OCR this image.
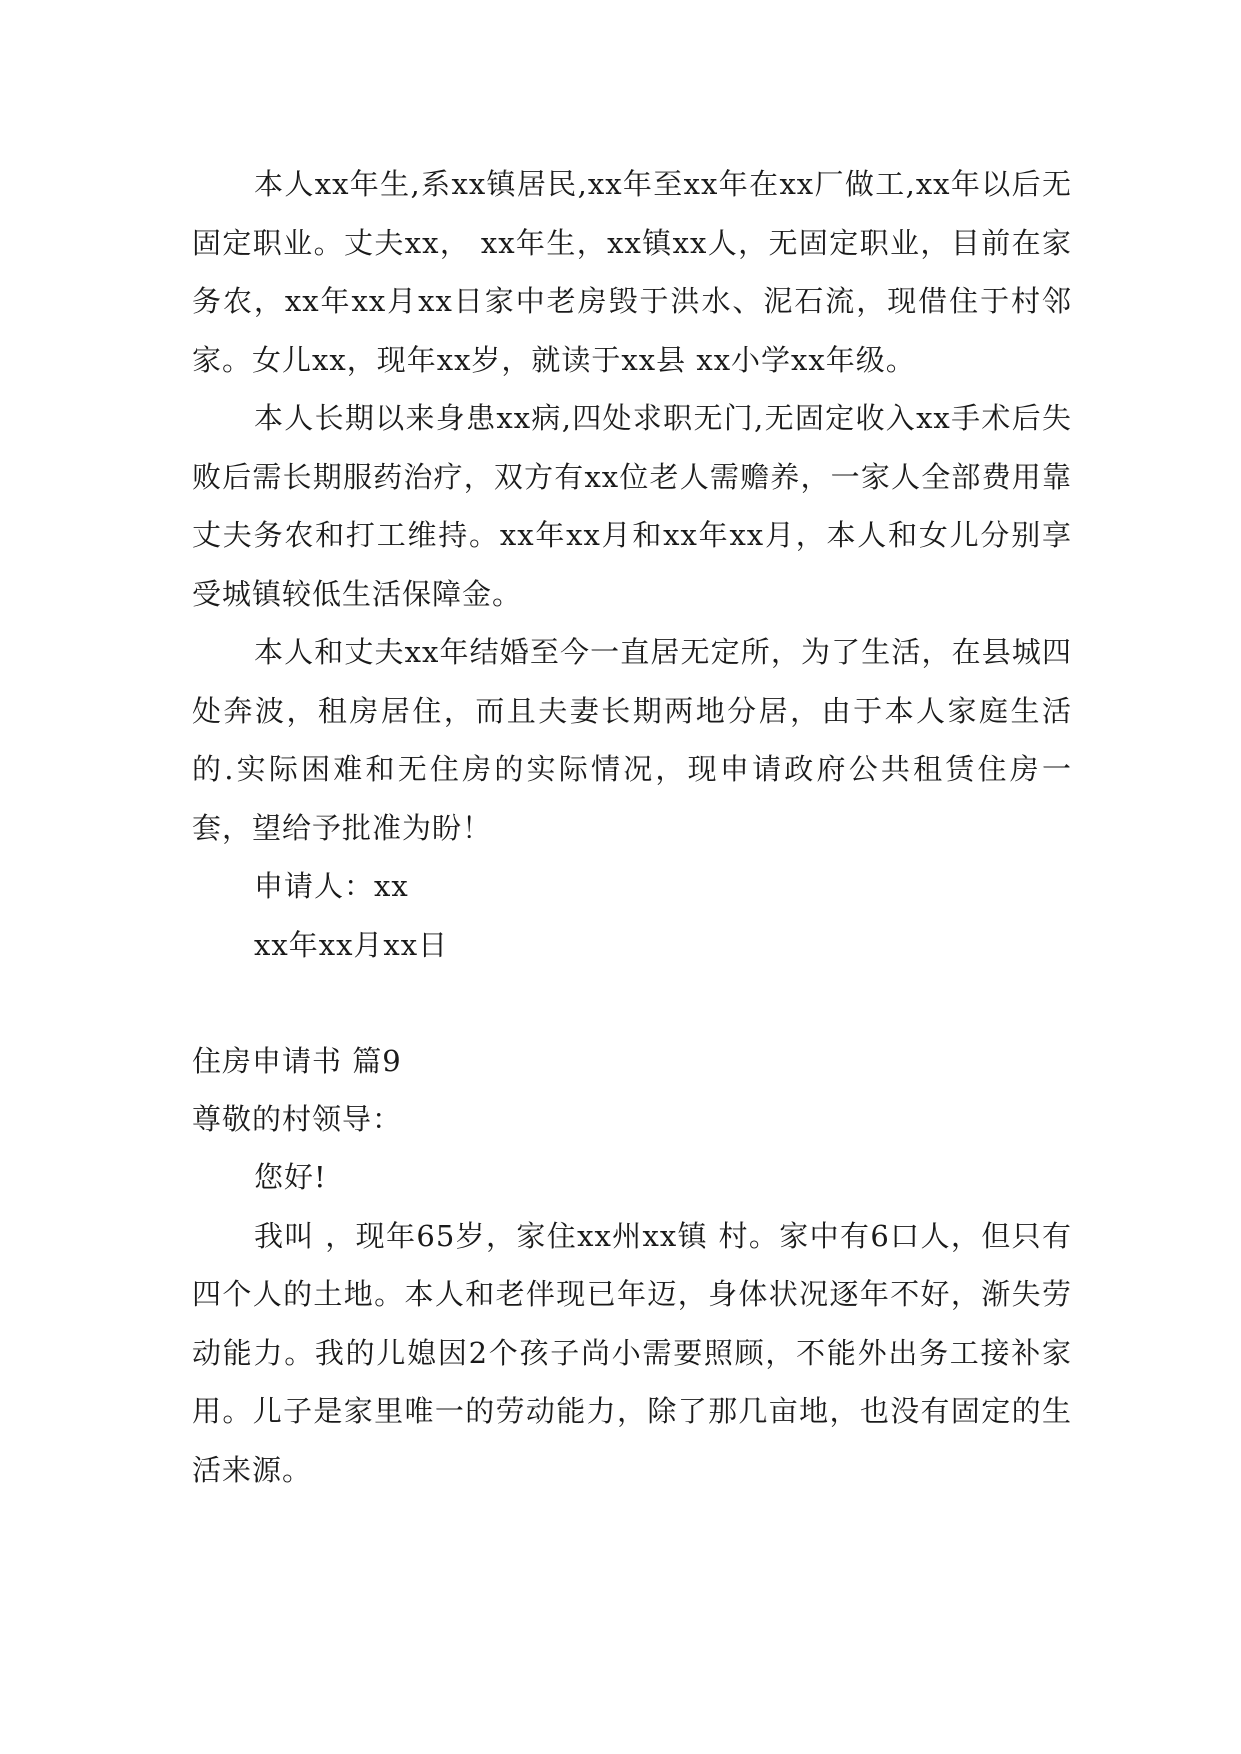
本人xx年生,系xx镇居民,xx年至xx年在xx厂做工,xx年以后无固定职业。丈夫xx， xx年生，xx镇xx人，无固定职业，目前在家务农，xx年xx月xx日家中老房毁于洪水、泥石流，现借住于村邻家。女儿xx，现年xx岁，就读于xx县 xx小学xx年级。

本人长期以来身患xx病,四处求职无门,无固定收入xx手术后失败后需长期服药治疗，双方有xx位老人需赡养，一家人全部费用靠丈夫务农和打工维持。xx年xx月和xx年xx月，本人和女儿分别享受城镇较低生活保障金。

本人和丈夫xx年结婚至今一直居无定所，为了生活，在县城四处奔波，租房居住，而且夫妻长期两地分居，由于本人家庭生活的.实际困难和无住房的实际情况，现申请政府公共租赁住房一套，望给予批准为盼！

申请人：xx

xx年xx月xx日

住房申请书 篇9

尊敬的村领导：

您好!

我叫 ，现年65岁，家住xx州xx镇 村。家中有6口人，但只有四个人的土地。本人和老伴现已年迈，身体状况逐年不好，渐失劳动能力。我的儿媳因2个孩子尚小需要照顾，不能外出务工接补家用。儿子是家里唯一的劳动能力，除了那几亩地，也没有固定的生活来源。
